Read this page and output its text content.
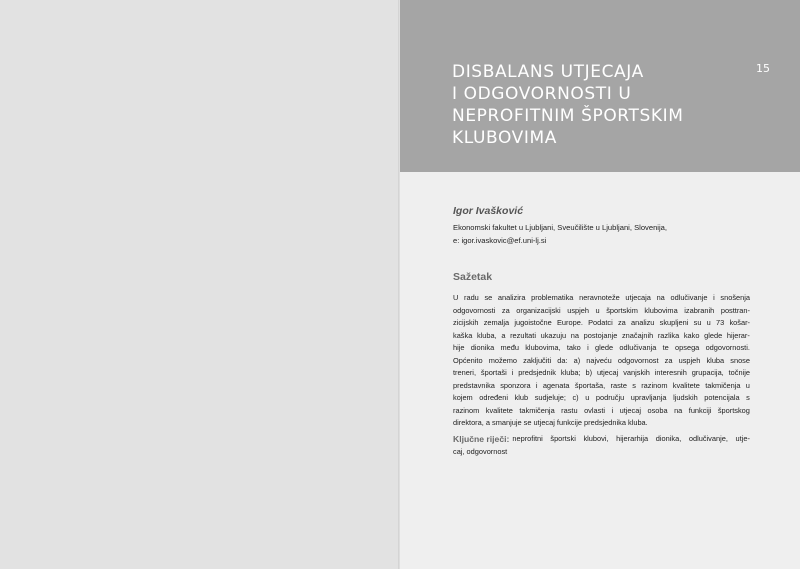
DISBALANS UTJECAJA
I ODGOVORNOSTI U
NEPROFITNIM ŠPORTSKIM
KLUBOVIMA
15
Igor Ivašković
Ekonomski fakultet u Ljubljani, Sveučilište u Ljubljani, Slovenija,
e: igor.ivaskovic@ef.uni-lj.si
Sažetak
U radu se analizira problematika neravnoteže utjecaja na odlučivanje i snošenja
odgovornosti za organizacijski uspjeh u športskim klubovima izabranih posttran-
zicijskih zemalja jugoistočne Europe. Podatci za analizu skupljeni su u 73 košar-
kaška kluba, a rezultati ukazuju na postojanje značajnih razlika kako glede hijerar-
hije dionika među klubovima, tako i glede odlučivanja te opsega odgovornosti.
Općenito možemo zaključiti da: a) najveću odgovornost za uspjeh kluba snose
treneri, športaši i predsjednik kluba; b) utjecaj vanjskih interesnih grupacija, točnije
predstavnika sponzora i agenata športaša, raste s razinom kvalitete takmičenja u
kojem određeni klub sudjeluje; c) u području upravljanja ljudskih potencijala s
razinom kvalitete takmičenja rastu ovlasti i utjecaj osoba na funkciji športskog
direktora, a smanjuje se utjecaj funkcije predsjednika kluba.
Ključne riječi: neprofitni športski klubovi, hijerarhija dionika, odlučivanje, utje-
caj, odgovornost
